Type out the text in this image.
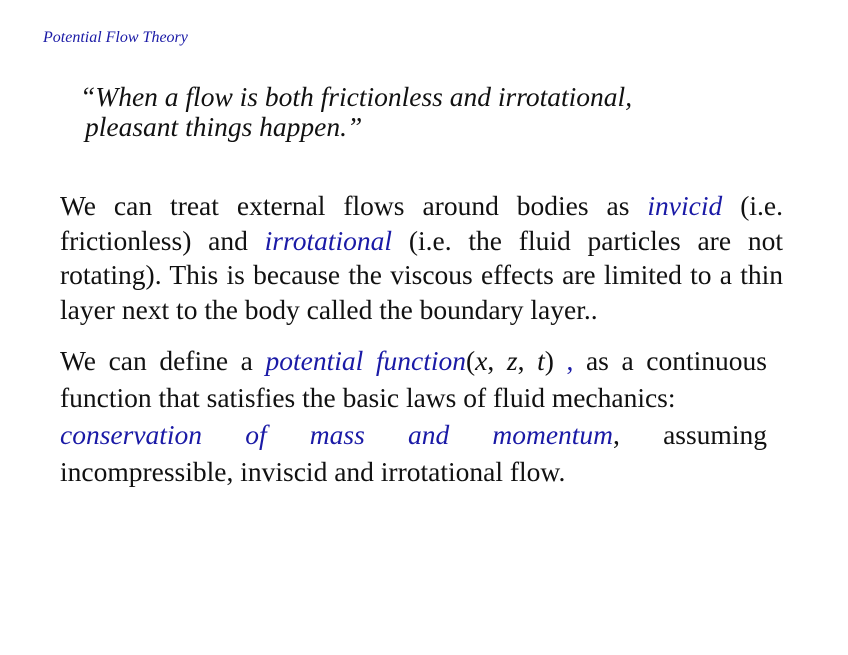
Potential Flow Theory
“When a flow is both frictionless and irrotational,
pleasant things happen.”
We can treat external flows around bodies as invicid (i.e. frictionless) and irrotational (i.e. the fluid particles are not rotating). This is because the viscous effects are limited to a thin layer next to the body called the boundary layer..
We can define a potential function(x, z, t) , as a continuous function that satisfies the basic laws of fluid mechanics:
conservation of mass and momentum, assuming
incompressible, inviscid and irrotational flow.
